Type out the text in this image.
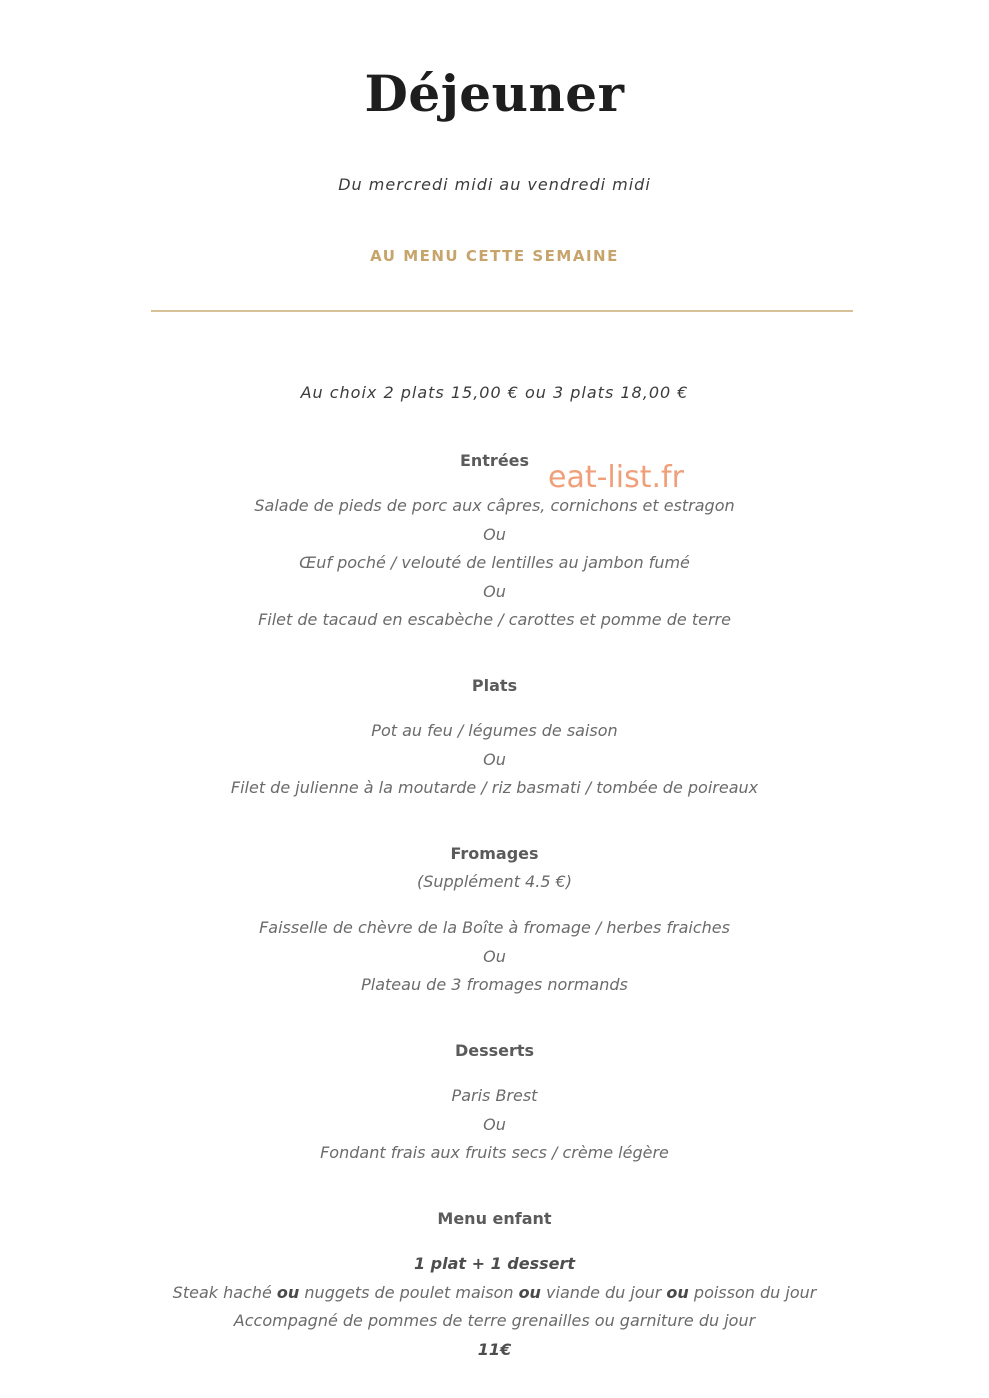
Déjeuner
Du mercredi midi au vendredi midi
AU MENU CETTE SEMAINE
Au choix 2 plats 15,00 € ou 3 plats 18,00 €
Entrées
Salade de pieds de porc aux câpres, cornichons et estragon
Ou
Œuf poché / velouté de lentilles au jambon fumé
Ou
Filet de tacaud en escabèche / carottes et pomme de terre
Plats
Pot au feu / légumes de saison
Ou
Filet de julienne à la moutarde / riz basmati / tombée de poireaux
Fromages
(Supplément 4.5 €)
Faisselle de chèvre de la Boîte à fromage / herbes fraiches
Ou
Plateau de 3 fromages normands
Desserts
Paris Brest
Ou
Fondant frais aux fruits secs / crème légère
Menu enfant
1 plat + 1 dessert
Steak haché ou nuggets de poulet maison ou viande du jour ou poisson du jour
Accompagné de pommes de terre grenailles ou garniture du jour
11€
eat-list.fr
